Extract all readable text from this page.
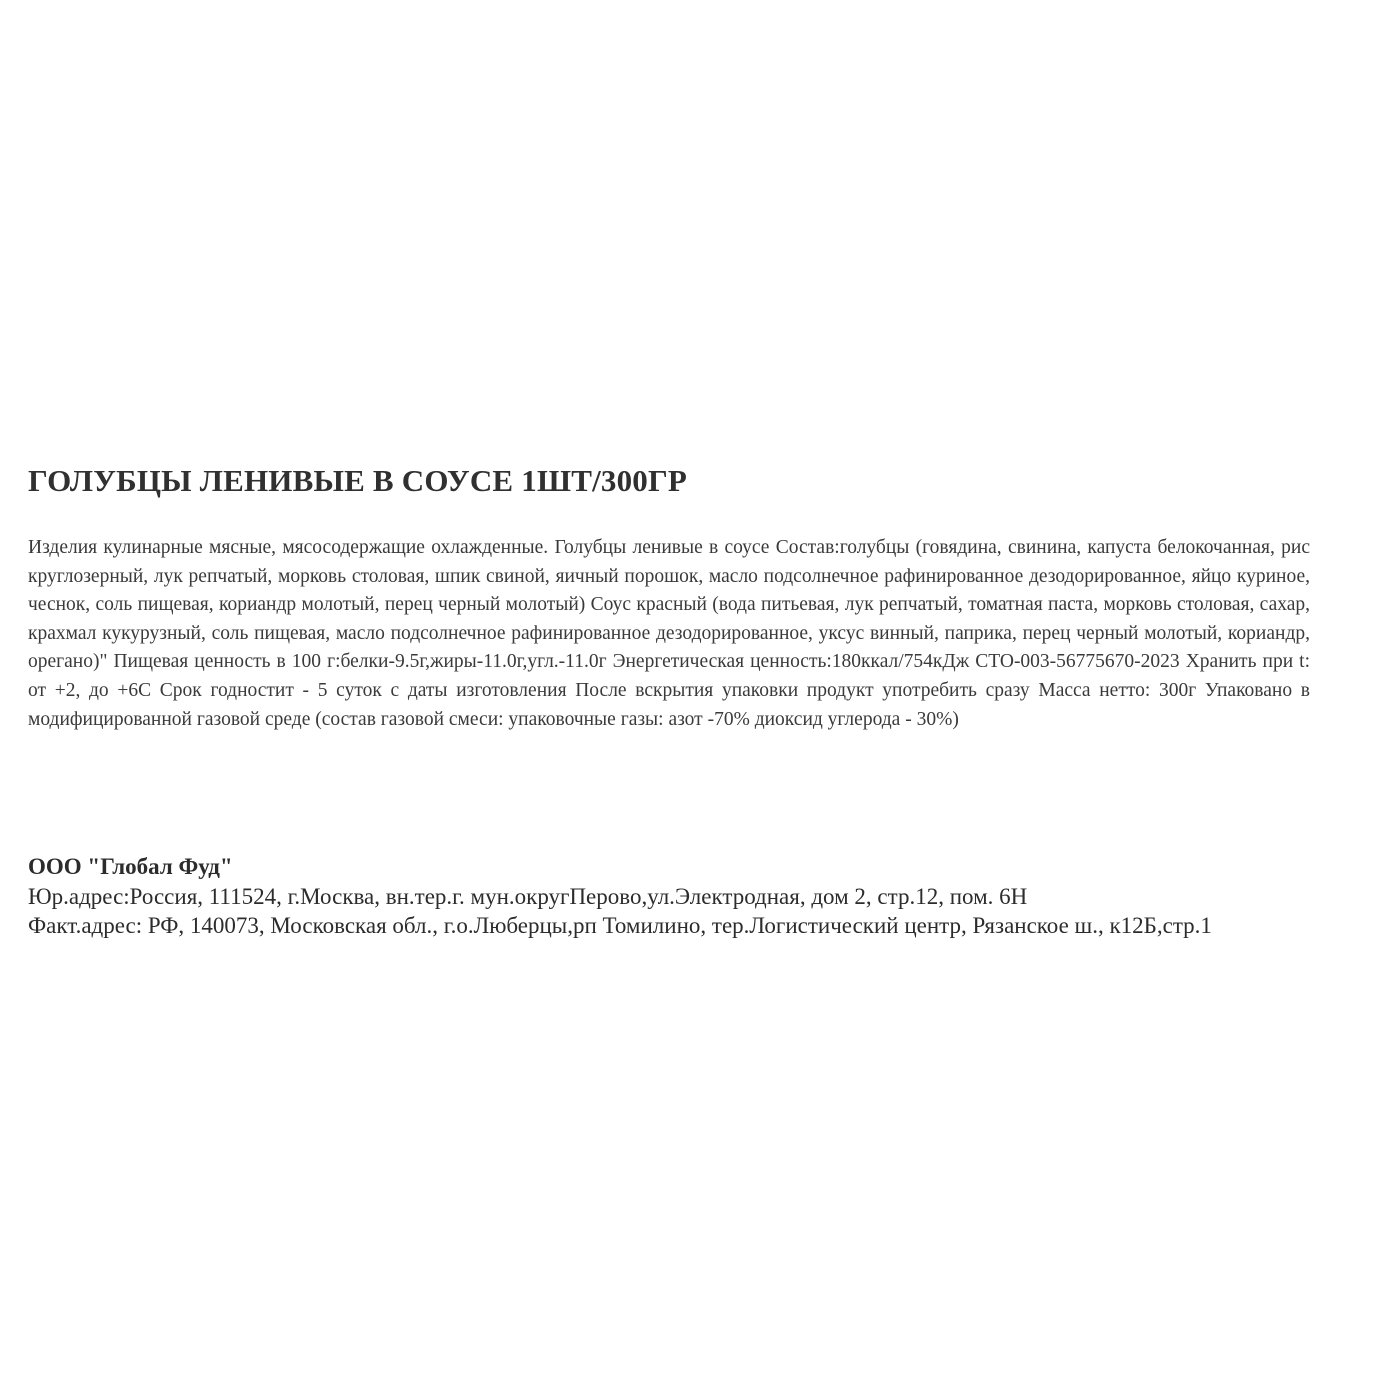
ГОЛУБЦЫ ЛЕНИВЫЕ В СОУСЕ 1ШТ/300ГР
Изделия кулинарные мясные, мясосодержащие охлажденные. Голубцы ленивые в соусе Состав:голубцы (говядина, свинина, капуста белокочанная, рис круглозерный, лук репчатый, морковь столовая, шпик свиной, яичный порошок, масло подсолнечное рафинированное дезодорированное, яйцо куриное, чеснок, соль пищевая, кориандр молотый, перец черный молотый) Соус красный (вода питьевая, лук репчатый, томатная паста, морковь столовая, сахар, крахмал кукурузный, соль пищевая, масло подсолнечное рафинированное дезодорированное, уксус винный, паприка, перец черный молотый, кориандр, орегано)" Пищевая ценность в 100 г:белки-9.5г,жиры-11.0г,угл.-11.0г Энергетическая ценность:180ккал/754кДж СТО-003-56775670-2023 Хранить при t: от +2, до +6С Срок годностит - 5 суток с даты изготовления После вскрытия упаковки продукт употребить сразу Масса нетто: 300г Упаковано в модифицированной газовой среде (состав газовой смеси: упаковочные газы: азот -70% диоксид углерода - 30%)
ООО "Глобал Фуд"
Юр.адрес:Россия, 111524, г.Москва, вн.тер.г. мун.округПерово,ул.Электродная, дом 2, стр.12, пом. 6Н
Факт.адрес: РФ, 140073, Московская обл., г.о.Люберцы,рп Томилино, тер.Логистический центр, Рязанское ш., к12Б,стр.1
